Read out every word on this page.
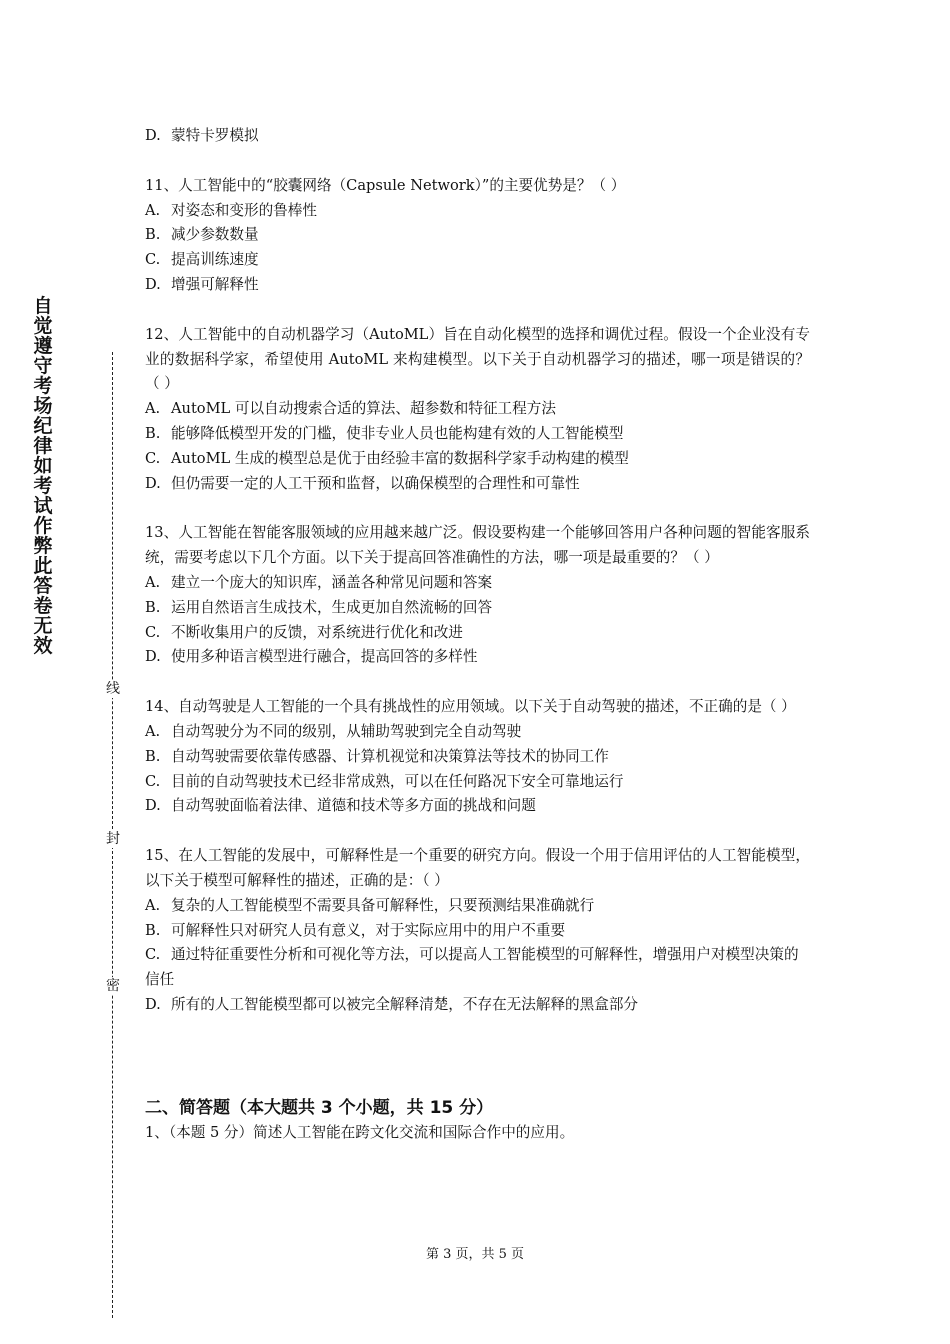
自觉遵守考场纪律如考试作弊此答卷无效
线
封
密

D. 蒙特卡罗模拟

11、人工智能中的“胶囊网络（Capsule Network）”的主要优势是？（ ）

A. 对姿态和变形的鲁棒性

B. 减少参数数量

C. 提高训练速度

D. 增强可解释性

12、人工智能中的自动机器学习（AutoML）旨在自动化模型的选择和调优过程。假设一个企业没有专业的数据科学家，希望使用 AutoML 来构建模型。以下关于自动机器学习的描述，哪一项是错误的？（ ）

A. AutoML 可以自动搜索合适的算法、超参数和特征工程方法

B. 能够降低模型开发的门槛，使非专业人员也能构建有效的人工智能模型

C. AutoML 生成的模型总是优于由经验丰富的数据科学家手动构建的模型

D. 但仍需要一定的人工干预和监督，以确保模型的合理性和可靠性

13、人工智能在智能客服领域的应用越来越广泛。假设要构建一个能够回答用户各种问题的智能客服系统，需要考虑以下几个方面。以下关于提高回答准确性的方法，哪一项是最重要的？（ ）

A. 建立一个庞大的知识库，涵盖各种常见问题和答案

B. 运用自然语言生成技术，生成更加自然流畅的回答

C. 不断收集用户的反馈，对系统进行优化和改进

D. 使用多种语言模型进行融合，提高回答的多样性

14、自动驾驶是人工智能的一个具有挑战性的应用领域。以下关于自动驾驶的描述，不正确的是（ ）

A. 自动驾驶分为不同的级别，从辅助驾驶到完全自动驾驶

B. 自动驾驶需要依靠传感器、计算机视觉和决策算法等技术的协同工作

C. 目前的自动驾驶技术已经非常成熟，可以在任何路况下安全可靠地运行

D. 自动驾驶面临着法律、道德和技术等多方面的挑战和问题

15、在人工智能的发展中，可解释性是一个重要的研究方向。假设一个用于信用评估的人工智能模型，以下关于模型可解释性的描述，正确的是：（ ）

A. 复杂的人工智能模型不需要具备可解释性，只要预测结果准确就行

B. 可解释性只对研究人员有意义，对于实际应用中的用户不重要

C. 通过特征重要性分析和可视化等方法，可以提高人工智能模型的可解释性，增强用户对模型决策的信任

D. 所有的人工智能模型都可以被完全解释清楚，不存在无法解释的黑盒部分

二、简答题（本大题共 3 个小题，共 15 分）

1、（本题 5 分）简述人工智能在跨文化交流和国际合作中的应用。

第 3 页，共 5 页
